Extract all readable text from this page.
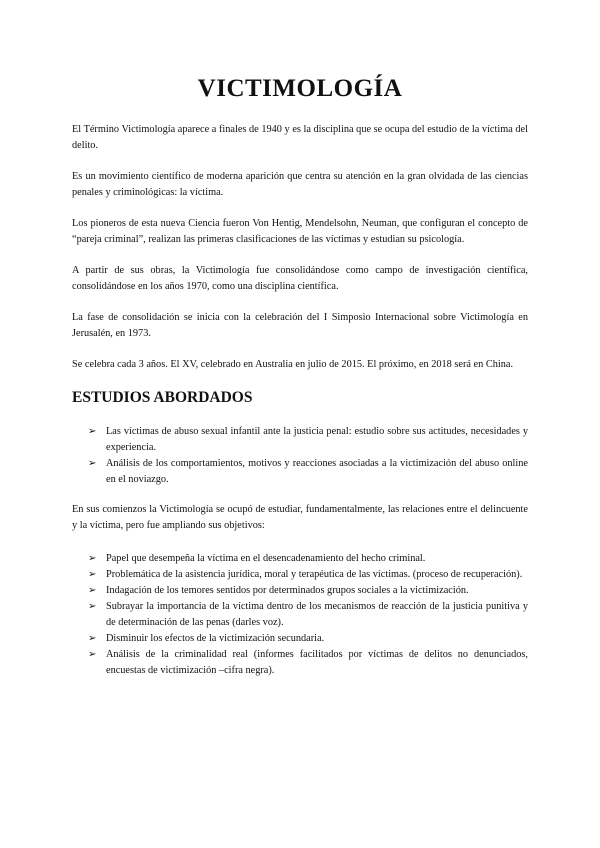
VICTIMOLOGÍA

El Término Victimología aparece a finales de 1940 y es la disciplina que se ocupa del estudio de la víctima del delito.

Es un movimiento científico de moderna aparición que centra su atención en la gran olvidada de las ciencias penales y criminológicas: la víctima.

Los pioneros de esta nueva Ciencia fueron Von Hentig, Mendelsohn, Neuman, que configuran el concepto de “pareja criminal”, realizan las primeras clasificaciones de las víctimas y estudian su psicología.

A partir de sus obras, la Victimología fue consolidándose como campo de investigación científica, consolidándose en los años 1970, como una disciplina científica.

La fase de consolidación se inicia con la celebración del I Simposio Internacional sobre Victimología en Jerusalén, en 1973.

Se celebra cada 3 años. El XV, celebrado en Australia en julio de 2015. El próximo, en 2018 será en China.

ESTUDIOS ABORDADOS
➢ Las víctimas de abuso sexual infantil ante la justicia penal: estudio sobre sus actitudes, necesidades y experiencia.
➢ Análisis de los comportamientos, motivos y reacciones asociadas a la victimización del abuso online en el noviazgo.

En sus comienzos la Victimología se ocupó de estudiar, fundamentalmente, las relaciones entre el delincuente y la víctima, pero fue ampliando sus objetivos:

➢ Papel que desempeña la víctima en el desencadenamiento del hecho criminal.
➢ Problemática de la asistencia jurídica, moral y terapéutica de las víctimas. (proceso de recuperación).
➢ Indagación de los temores sentidos por determinados grupos sociales a la victimización.
➢ Subrayar la importancia de la víctima dentro de los mecanismos de reacción de la justicia punitiva y de determinación de las penas (darles voz).
➢ Disminuir los efectos de la victimización secundaria.
➢ Análisis de la criminalidad real (informes facilitados por víctimas de delitos no denunciados, encuestas de victimización –cifra negra).
